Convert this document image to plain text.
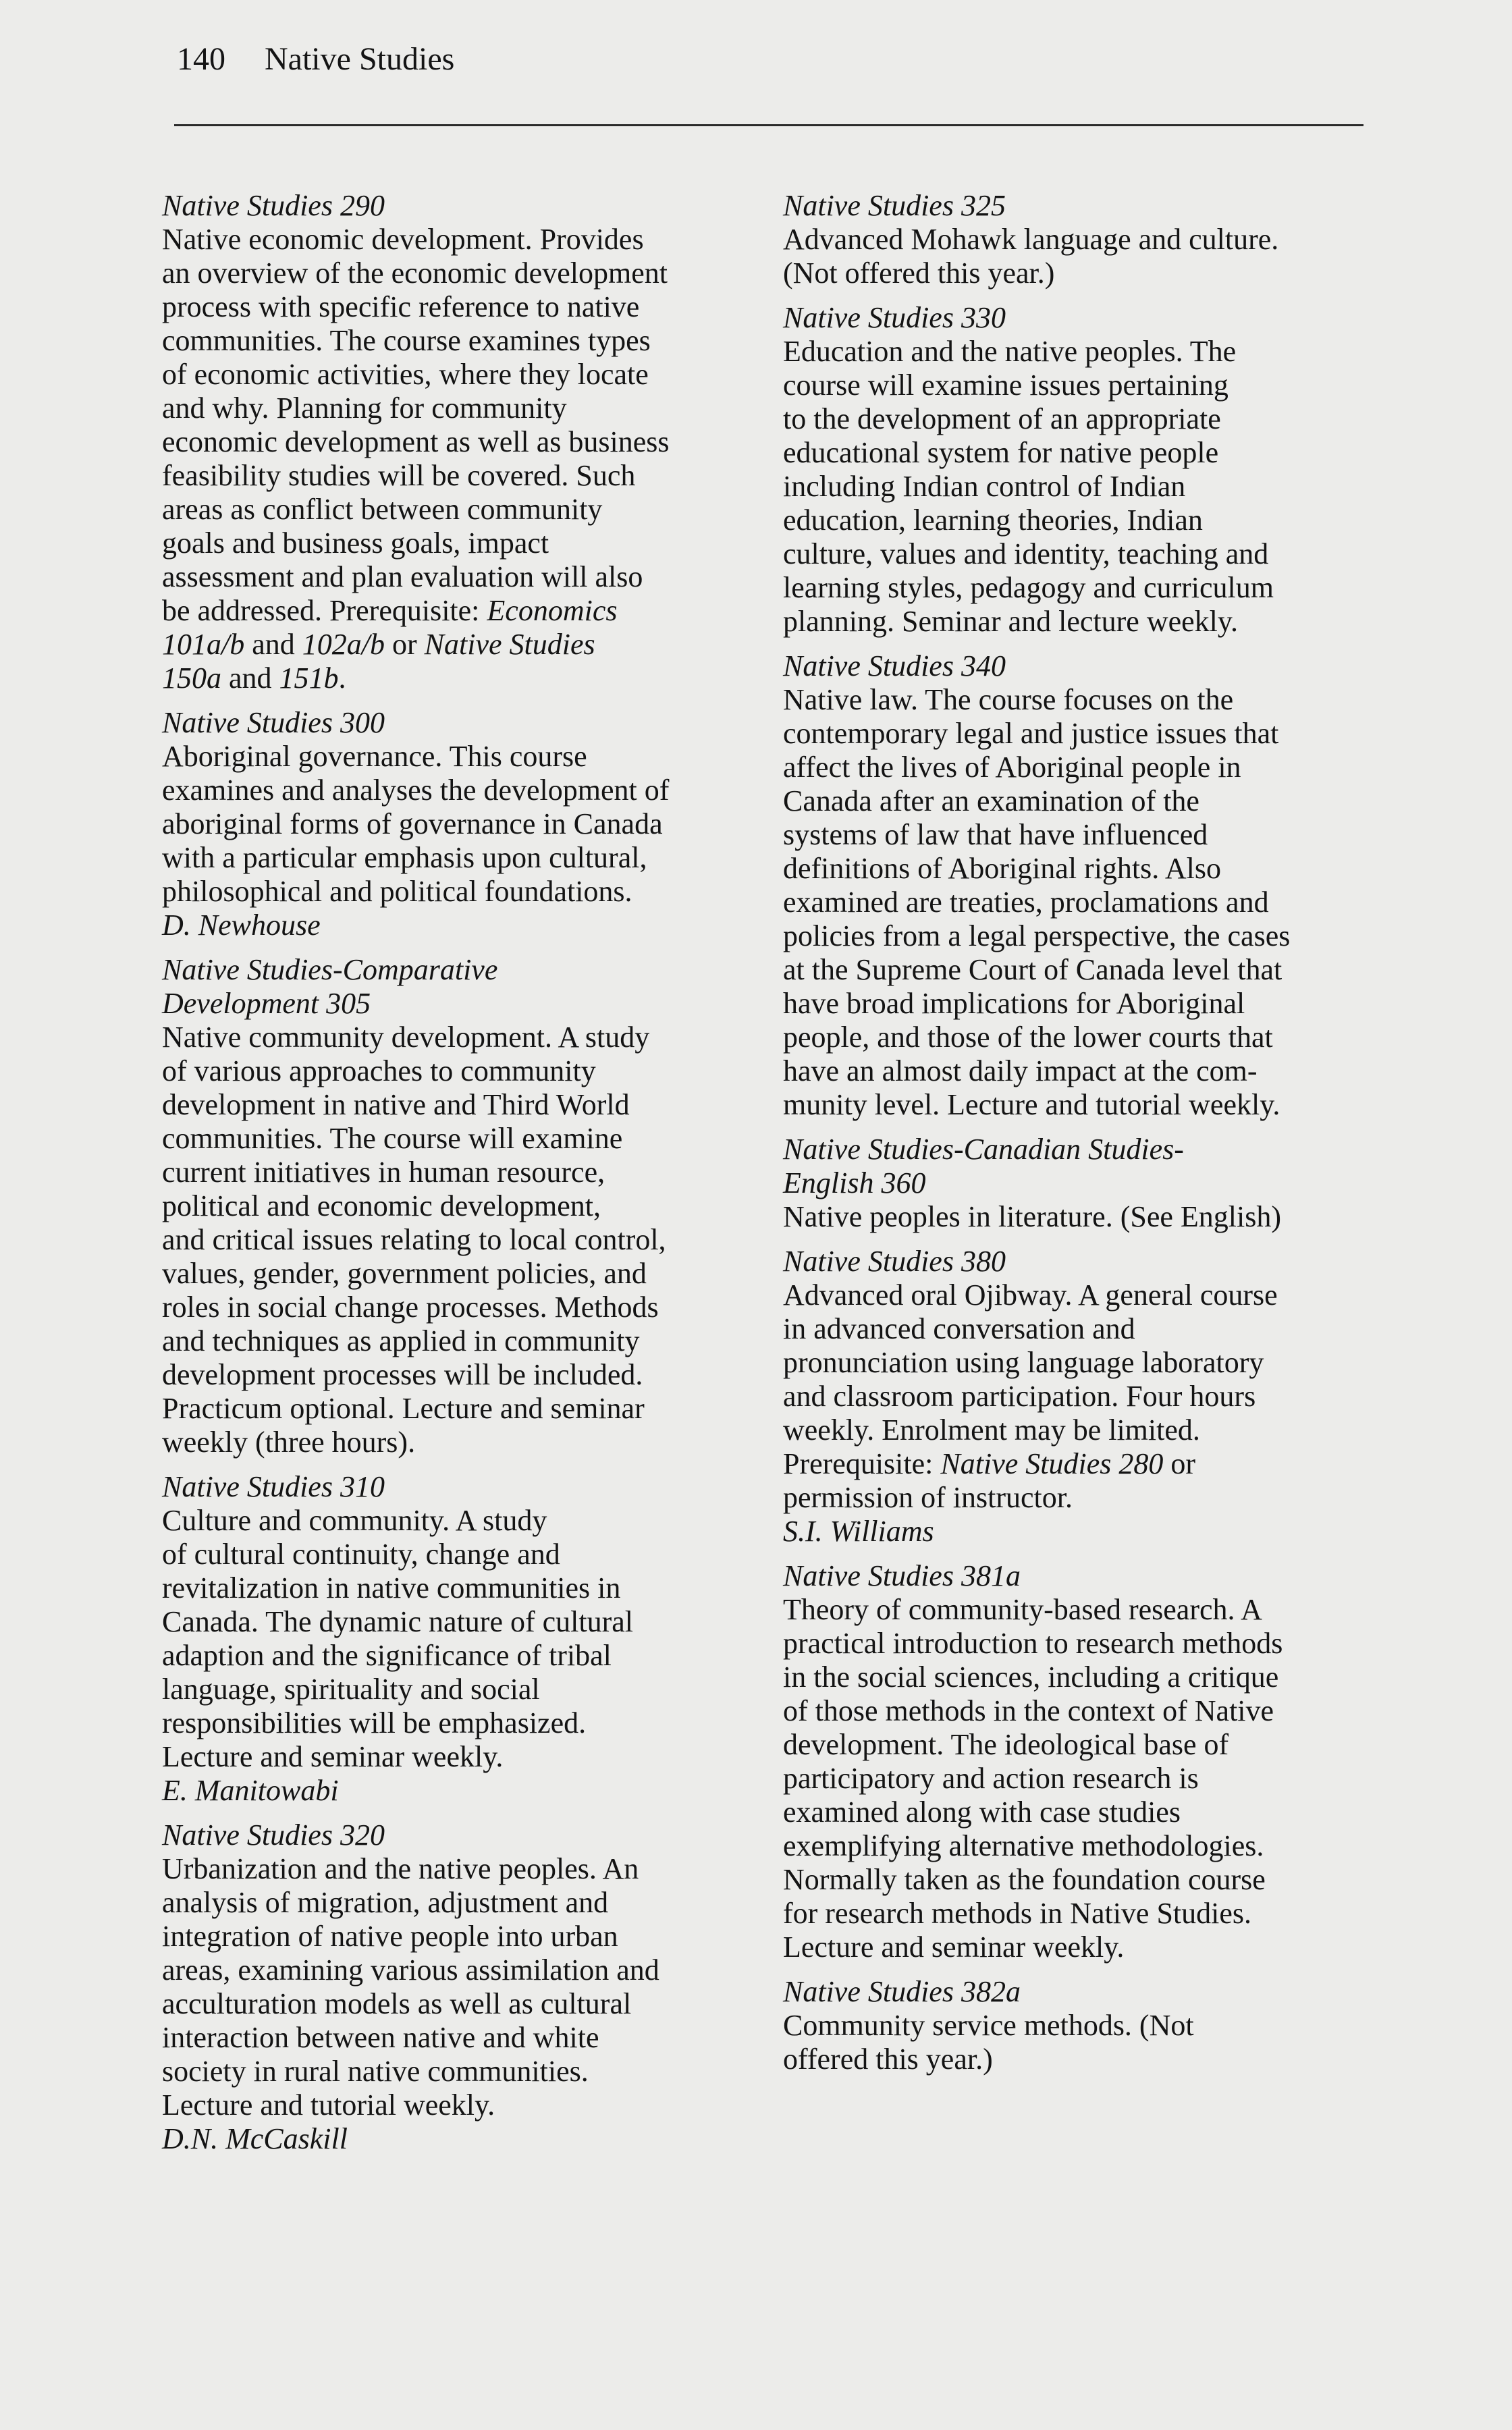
140 Native Studies
Native Studies 290
Native economic development. Provides
an overview of the economic development
process with specific reference to native
communities. The course examines types
of economic activities, where they locate
and why. Planning for community
economic development as well as business
feasibility studies will be covered. Such
areas as conflict between community
goals and business goals, impact
assessment and plan evaluation will also
be addressed. Prerequisite: Economics
101a/b and 102a/b or Native Studies
150a and 151b.
Native Studies 300
Aboriginal governance. This course
examines and analyses the development of
aboriginal forms of governance in Canada
with a particular emphasis upon cultural,
philosophical and political foundations.
D. Newhouse
Native Studies-Comparative
Development 305
Native community development. A study
of various approaches to community
development in native and Third World
communities. The course will examine
current initiatives in human resource,
political and economic development,
and critical issues relating to local control,
values, gender, government policies, and
roles in social change processes. Methods
and techniques as applied in community
development processes will be included.
Practicum optional. Lecture and seminar
weekly (three hours).
Native Studies 310
Culture and community. A study
of cultural continuity, change and
revitalization in native communities in
Canada. The dynamic nature of cultural
adaption and the significance of tribal
language, spirituality and social
responsibilities will be emphasized.
Lecture and seminar weekly.
E. Manitowabi
Native Studies 320
Urbanization and the native peoples. An
analysis of migration, adjustment and
integration of native people into urban
areas, examining various assimilation and
acculturation models as well as cultural
interaction between native and white
society in rural native communities.
Lecture and tutorial weekly.
D.N. McCaskill
Native Studies 325
Advanced Mohawk language and culture.
(Not offered this year.)
Native Studies 330
Education and the native peoples. The
course will examine issues pertaining
to the development of an appropriate
educational system for native people
including Indian control of Indian
education, learning theories, Indian
culture, values and identity, teaching and
learning styles, pedagogy and curriculum
planning. Seminar and lecture weekly.
Native Studies 340
Native law. The course focuses on the
contemporary legal and justice issues that
affect the lives of Aboriginal people in
Canada after an examination of the
systems of law that have influenced
definitions of Aboriginal rights. Also
examined are treaties, proclamations and
policies from a legal perspective, the cases
at the Supreme Court of Canada level that
have broad implications for Aboriginal
people, and those of the lower courts that
have an almost daily impact at the com-
munity level. Lecture and tutorial weekly.
Native Studies-Canadian Studies-
English 360
Native peoples in literature. (See English)
Native Studies 380
Advanced oral Ojibway. A general course
in advanced conversation and
pronunciation using language laboratory
and classroom participation. Four hours
weekly. Enrolment may be limited.
Prerequisite: Native Studies 280 or
permission of instructor.
S.I. Williams
Native Studies 381a
Theory of community-based research. A
practical introduction to research methods
in the social sciences, including a critique
of those methods in the context of Native
development. The ideological base of
participatory and action research is
examined along with case studies
exemplifying alternative methodologies.
Normally taken as the foundation course
for research methods in Native Studies.
Lecture and seminar weekly.
Native Studies 382a
Community service methods. (Not
offered this year.)
